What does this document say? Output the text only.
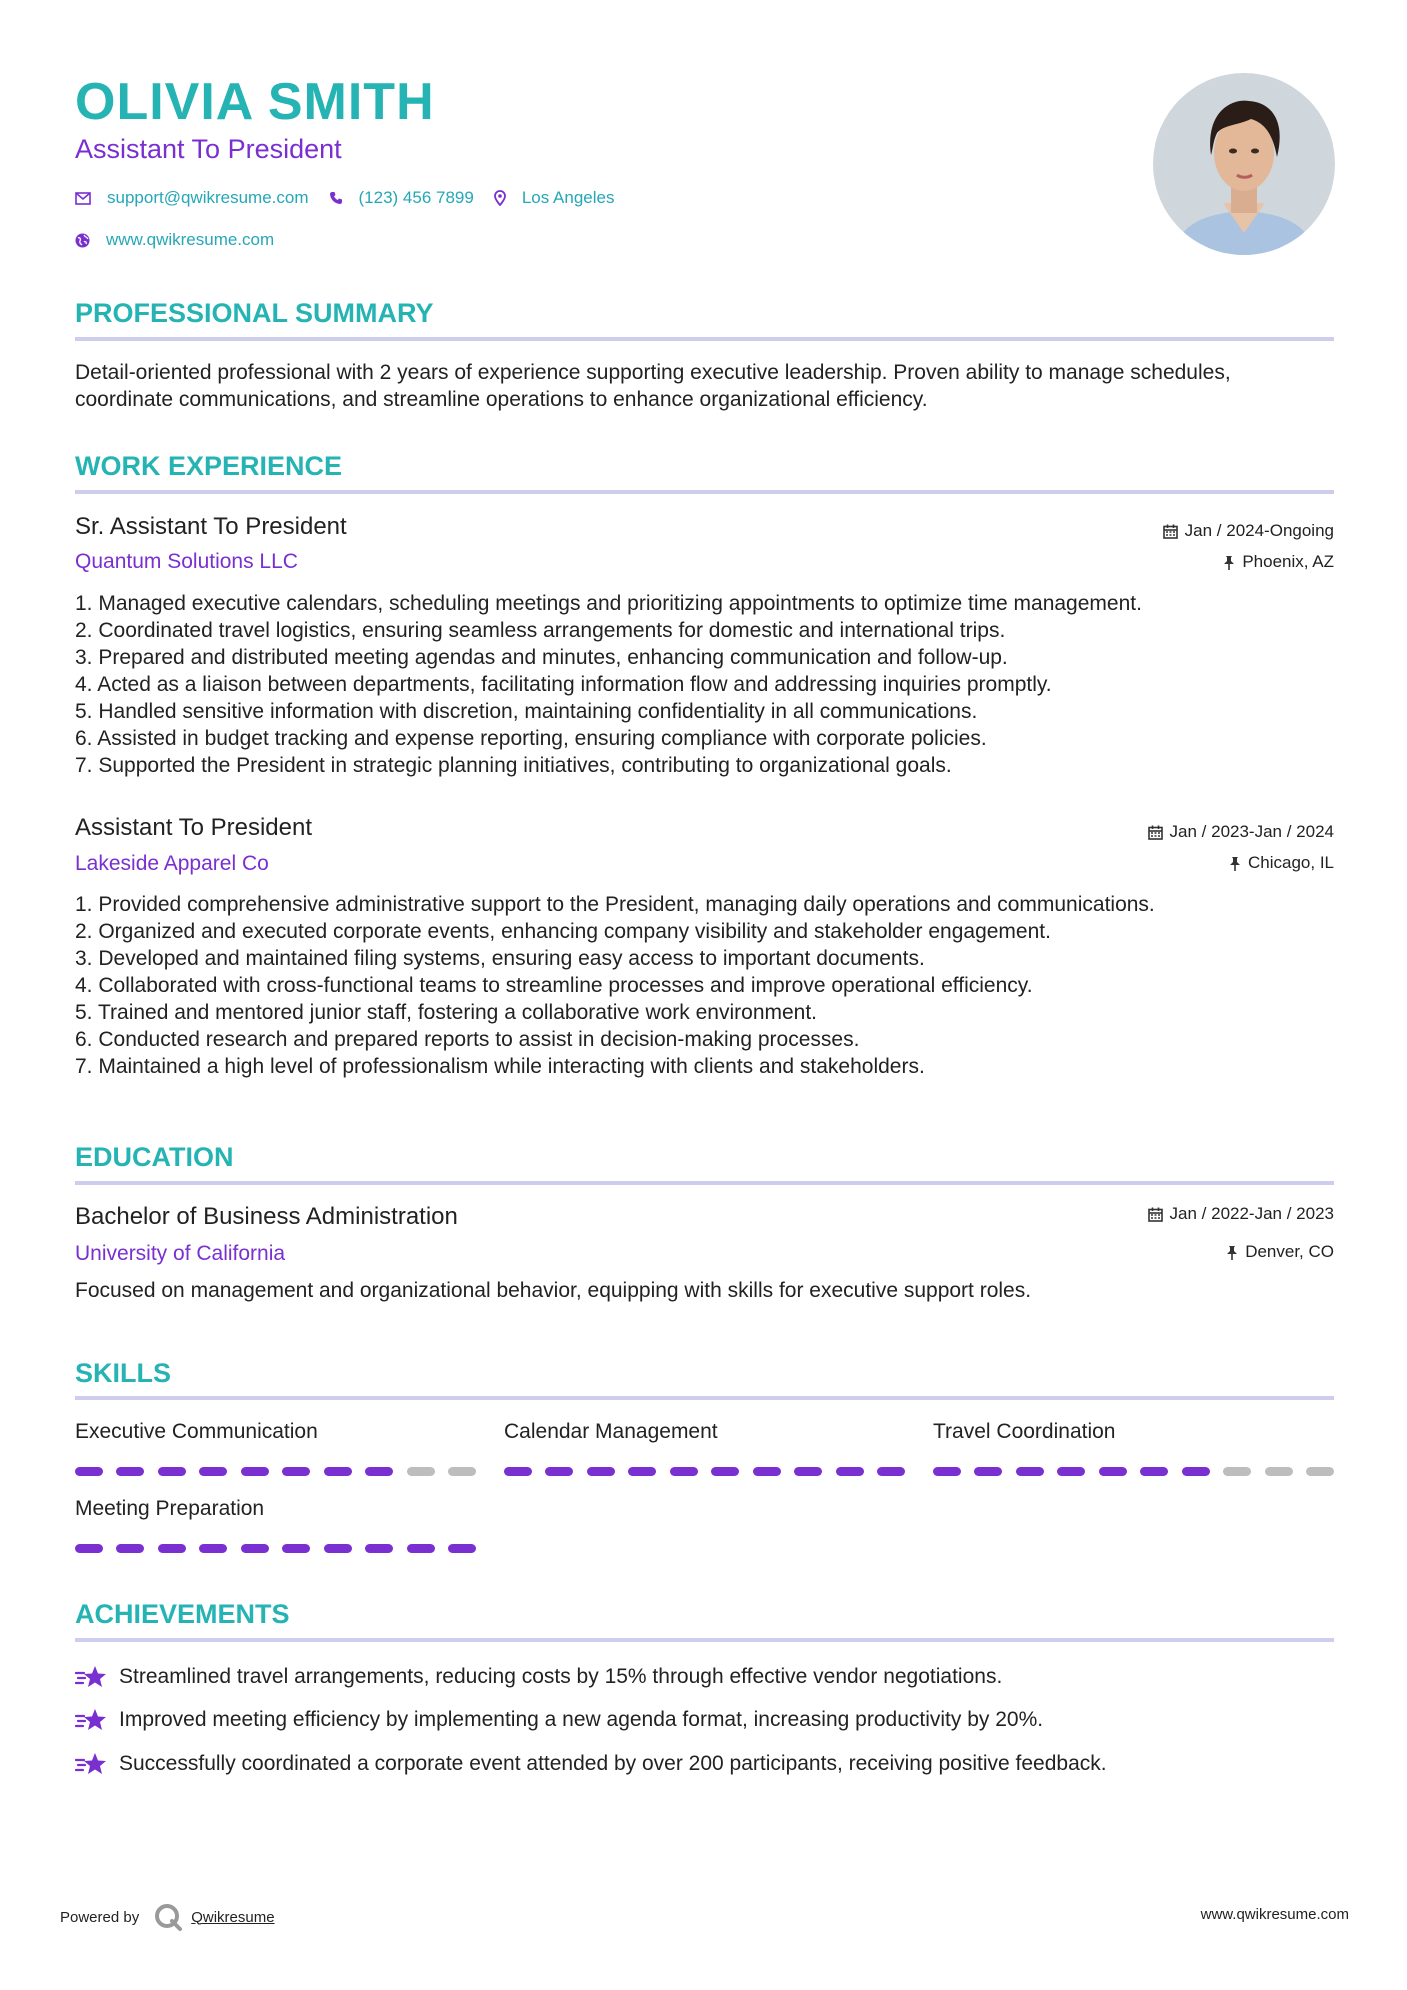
OLIVIA SMITH
Assistant To President
support@qwikresume.com	(123) 456 7899	Los Angeles
www.qwikresume.com
PROFESSIONAL SUMMARY
Detail-oriented professional with 2 years of experience supporting executive leadership. Proven ability to manage schedules, coordinate communications, and streamline operations to enhance organizational efficiency.
WORK EXPERIENCE
Sr. Assistant To President
Quantum Solutions LLC
Jan / 2024-Ongoing
Phoenix, AZ
1. Managed executive calendars, scheduling meetings and prioritizing appointments to optimize time management.
2. Coordinated travel logistics, ensuring seamless arrangements for domestic and international trips.
3. Prepared and distributed meeting agendas and minutes, enhancing communication and follow-up.
4. Acted as a liaison between departments, facilitating information flow and addressing inquiries promptly.
5. Handled sensitive information with discretion, maintaining confidentiality in all communications.
6. Assisted in budget tracking and expense reporting, ensuring compliance with corporate policies.
7. Supported the President in strategic planning initiatives, contributing to organizational goals.
Assistant To President
Lakeside Apparel Co
Jan / 2023-Jan / 2024
Chicago, IL
1. Provided comprehensive administrative support to the President, managing daily operations and communications.
2. Organized and executed corporate events, enhancing company visibility and stakeholder engagement.
3. Developed and maintained filing systems, ensuring easy access to important documents.
4. Collaborated with cross-functional teams to streamline processes and improve operational efficiency.
5. Trained and mentored junior staff, fostering a collaborative work environment.
6. Conducted research and prepared reports to assist in decision-making processes.
7. Maintained a high level of professionalism while interacting with clients and stakeholders.
EDUCATION
Bachelor of Business Administration
University of California
Jan / 2022-Jan / 2023
Denver, CO
Focused on management and organizational behavior, equipping with skills for executive support roles.
SKILLS
Executive Communication	Calendar Management	Travel Coordination
Meeting Preparation
ACHIEVEMENTS
Streamlined travel arrangements, reducing costs by 15% through effective vendor negotiations.
Improved meeting efficiency by implementing a new agenda format, increasing productivity by 20%.
Successfully coordinated a corporate event attended by over 200 participants, receiving positive feedback.
Powered by	Qwikresume	www.qwikresume.com
